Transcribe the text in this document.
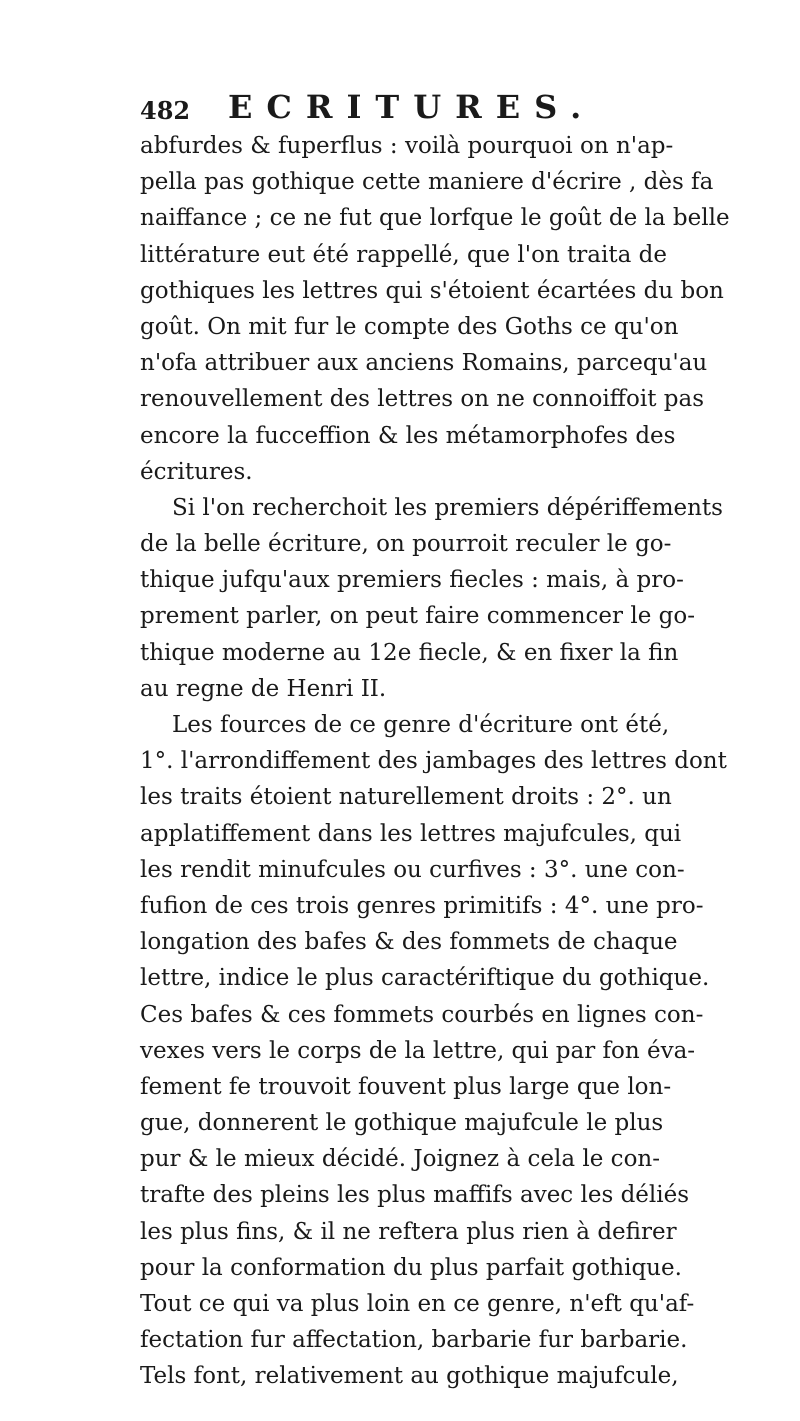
482 ECRITURES.
abfurdes & fuperflus : voilà pourquoi on n'ap-
pella pas gothique cette maniere d'écrire , dès fa
naiffance ; ce ne fut que lorfque le goût de la belle
littérature eut été rappellé, que l'on traita de
gothiques les lettres qui s'étoient écartées du bon
goût. On mit fur le compte des Goths ce qu'on
n'ofa attribuer aux anciens Romains, parcequ'au
renouvellement des lettres on ne connoiffoit pas
encore la fucceffion & les métamorphofes des
écritures.
Si l'on recherchoit les premiers dépériffements
de la belle écriture, on pourroit reculer le go-
thique jufqu'aux premiers fiecles : mais, à pro-
prement parler, on peut faire commencer le go-
thique moderne au 12e fiecle, & en fixer la fin
au regne de Henri II.
Les fources de ce genre d'écriture ont été,
1°. l'arrondiffement des jambages des lettres dont
les traits étoient naturellement droits : 2°. un
applatiffement dans les lettres majufcules, qui
les rendit minufcules ou curfives : 3°. une con-
fufion de ces trois genres primitifs : 4°. une pro-
longation des bafes & des fommets de chaque
lettre, indice le plus caractériftique du gothique.
Ces bafes & ces fommets courbés en lignes con-
vexes vers le corps de la lettre, qui par fon éva-
fement fe trouvoit fouvent plus large que lon-
gue, donnerent le gothique majufcule le plus
pur & le mieux décidé. Joignez à cela le con-
trafte des pleins les plus maffifs avec les déliés
les plus fins, & il ne reftera plus rien à defirer
pour la conformation du plus parfait gothique.
Tout ce qui va plus loin en ce genre, n'eft qu'af-
fectation fur affectation, barbarie fur barbarie.
Tels font, relativement au gothique majufcule,
